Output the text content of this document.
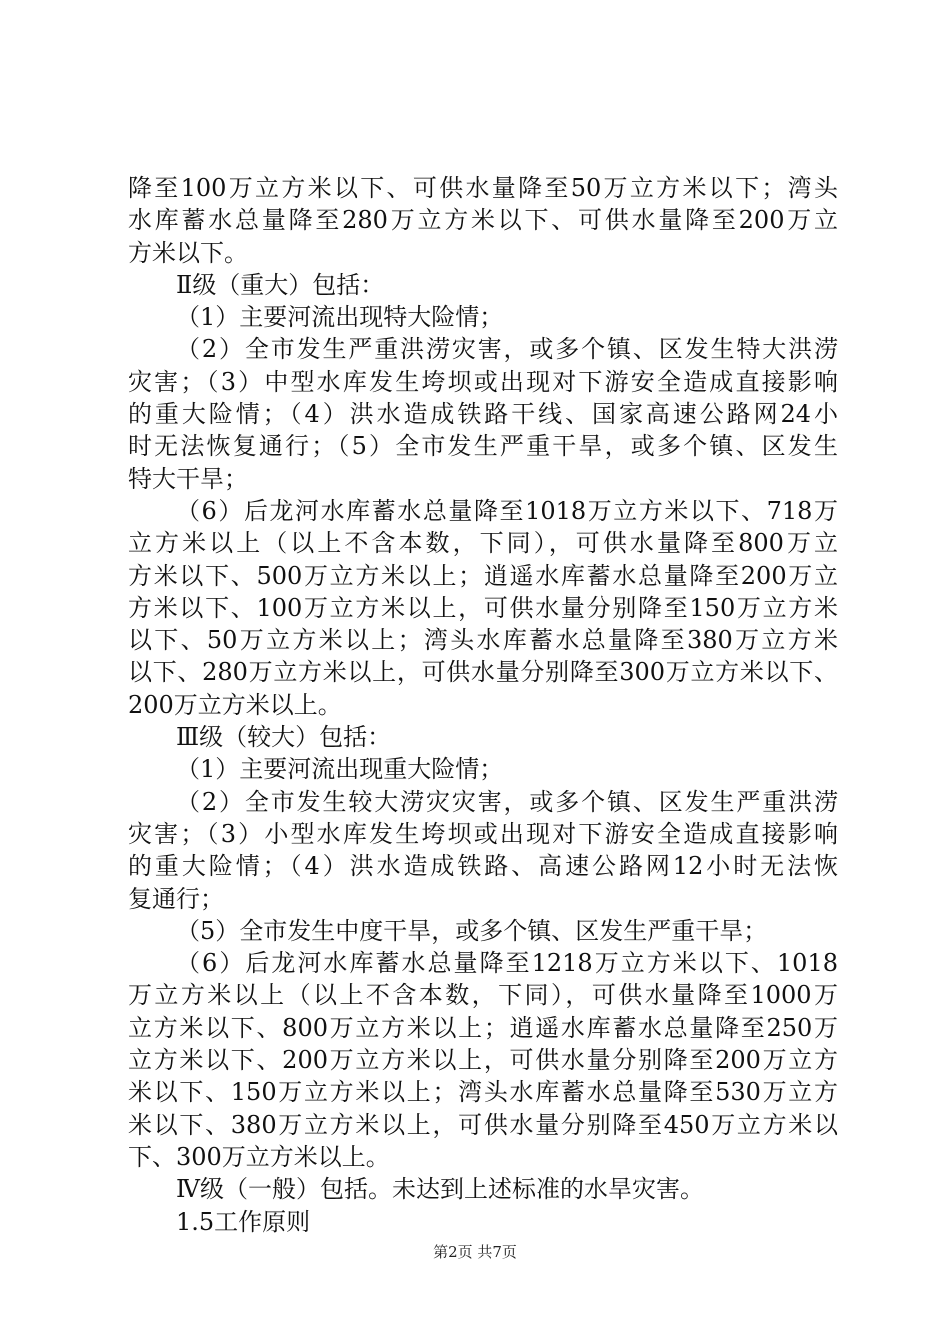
降至100万立方米以下、可供水量降至50万立方米以下；湾头
水库蓄水总量降至280万立方米以下、可供水量降至200万立
方米以下。
Ⅱ级（重大）包括：
（1）主要河流出现特大险情；
（2）全市发生严重洪涝灾害，或多个镇、区发生特大洪涝
灾害；（3）中型水库发生垮坝或出现对下游安全造成直接影响
的重大险情；（4）洪水造成铁路干线、国家高速公路网24小
时无法恢复通行；（5）全市发生严重干旱，或多个镇、区发生
特大干旱；
（6）后龙河水库蓄水总量降至1018万立方米以下、718万
立方米以上（以上不含本数，下同），可供水量降至800万立
方米以下、500万立方米以上；逍遥水库蓄水总量降至200万立
方米以下、100万立方米以上，可供水量分别降至150万立方米
以下、50万立方米以上；湾头水库蓄水总量降至380万立方米
以下、280万立方米以上，可供水量分别降至300万立方米以下、
200万立方米以上。
Ⅲ级（较大）包括：
（1）主要河流出现重大险情；
（2）全市发生较大涝灾灾害，或多个镇、区发生严重洪涝
灾害；（3）小型水库发生垮坝或出现对下游安全造成直接影响
的重大险情；（4）洪水造成铁路、高速公路网12小时无法恢
复通行；
（5）全市发生中度干旱，或多个镇、区发生严重干旱；
（6）后龙河水库蓄水总量降至1218万立方米以下、1018
万立方米以上（以上不含本数，下同），可供水量降至1000万
立方米以下、800万立方米以上；逍遥水库蓄水总量降至250万
立方米以下、200万立方米以上，可供水量分别降至200万立方
米以下、150万立方米以上；湾头水库蓄水总量降至530万立方
米以下、380万立方米以上，可供水量分别降至450万立方米以
下、300万立方米以上。
Ⅳ级（一般）包括。未达到上述标准的水旱灾害。
1.5工作原则
第2页 共7页
